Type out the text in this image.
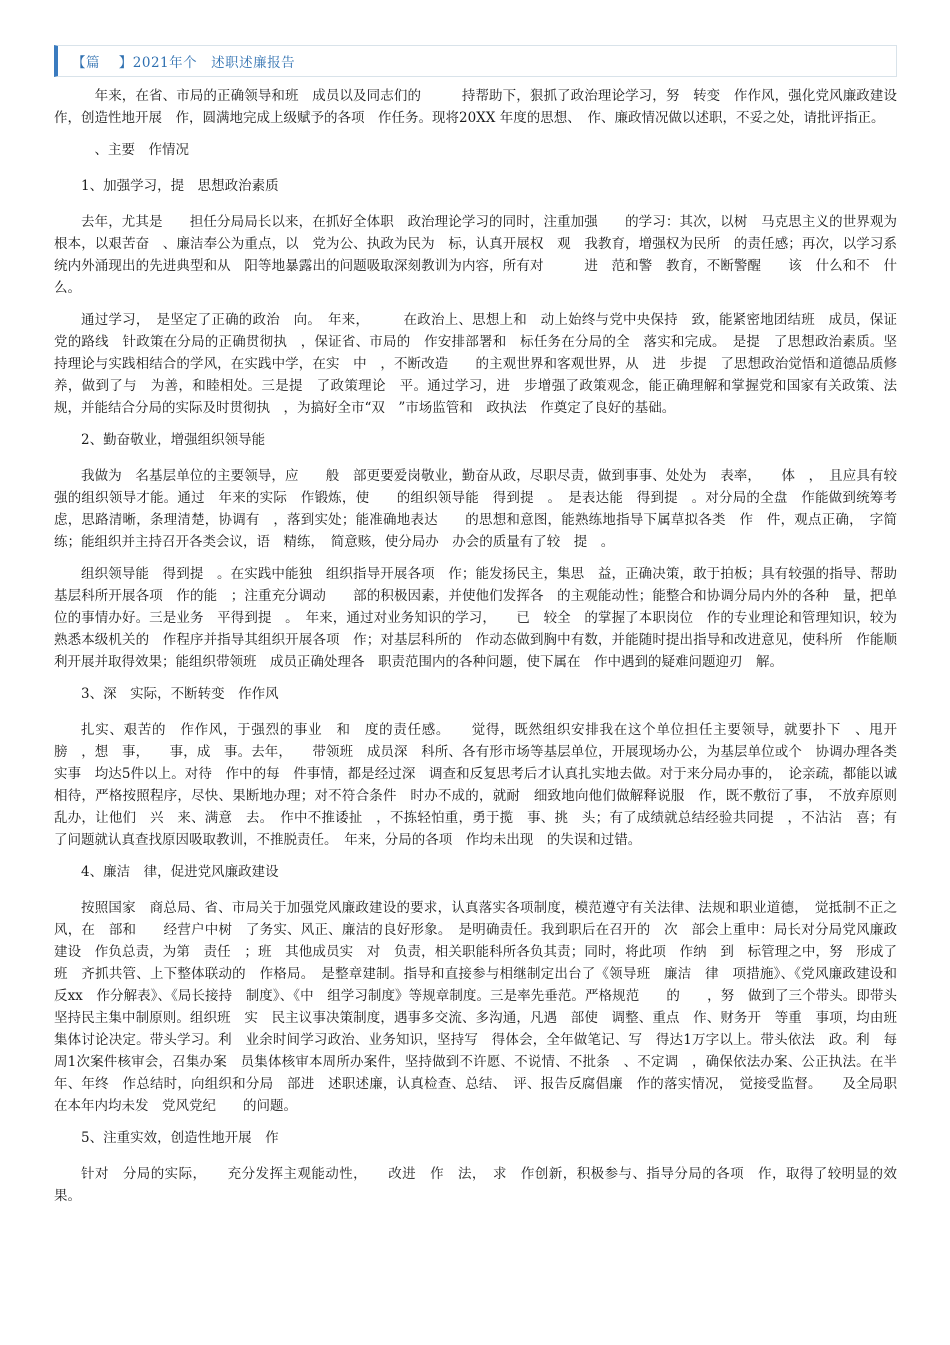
【篇　 】2021年个　述职述廉报告

　年来，在省、市局的正确领导和班　成员以及同志们的　　　持帮助下，狠抓了政治理论学习，努　转变　作作风，强化党风廉政建设　作，创造性地开展　作，圆满地完成上级赋予的各项　作任务。现将20XX 年度的思想、　作、廉政情况做以述职，不妥之处，请批评指正。

　、主要　作情况

1、加强学习，提　思想政治素质

去年，尤其是　　担任分局局长以来，在抓好全体职　政治理论学习的同时，注重加强　　的学习：其次，以树　马克思主义的世界观为根本，以艰苦奋　、廉洁奉公为重点，以　党为公、执政为民为　标，认真开展权　观　我教育，增强权为民所　的责任感；再次，以学习系统内外涌现出的先进典型和从　阳等地暴露出的问题吸取深刻教训为内容，所有对　　　进　范和警　教育，不断警醒　　该　什么和不　什么。

通过学习，　是坚定了正确的政治　向。　年来，　　　在政治上、思想上和　动上始终与党中央保持　致，能紧密地团结班　成员，保证党的路线　针政策在分局的正确贯彻执　，保证省、市局的　作安排部署和　标任务在分局的全　落实和完成。　是提　了思想政治素质。坚持理论与实践相结合的学风，在实践中学，在实　中　，不断改造　　的主观世界和客观世界，从　进　步提　了思想政治觉悟和道德品质修养，做到了与　为善，和睦相处。三是提　了政策理论　平。通过学习，进　步增强了政策观念，能正确理解和掌握党和国家有关政策、法规，并能结合分局的实际及时贯彻执　，为搞好全市“双　”市场监管和　政执法　作奠定了良好的基础。

2、勤奋敬业，增强组织领导能

我做为　名基层单位的主要领导，应　　般　部更要爱岗敬业，勤奋从政，尽职尽责，做到事事、处处为　表率，　　体　，　且应具有较强的组织领导才能。通过　年来的实际　作锻炼，使　　的组织领导能　得到提　。　是表达能　得到提　。对分局的全盘　作能做到统筹考虑，思路清晰，条理清楚，协调有　，落到实处；能准确地表达　　的思想和意图，能熟练地指导下属草拟各类　作　件，观点正确，　字简练；能组织并主持召开各类会议，语　精练，　简意赅，使分局办　办会的质量有了较　提　。

组织领导能　得到提　。在实践中能独　组织指导开展各项　作；能发扬民主，集思　益，正确决策，敢于拍板；具有较强的指导、帮助基层科所开展各项　作的能　；注重充分调动　　部的积极因素，并使他们发挥各　的主观能动性；能整合和协调分局内外的各种　量，把单位的事情办好。三是业务　平得到提　。　年来，通过对业务知识的学习，　　已　较全　的掌握了本职岗位　作的专业理论和管理知识，较为熟悉本级机关的　作程序并指导其组织开展各项　作；对基层科所的　作动态做到胸中有数，并能随时提出指导和改进意见，使科所　作能顺利开展并取得效果；能组织带领班　成员正确处理各　职责范围内的各种问题，使下属在　作中遇到的疑难问题迎刃　解。

3、深　实际，不断转变　作作风

扎实、艰苦的　作作风，于强烈的事业　和　度的责任感。　　觉得，既然组织安排我在这个单位担任主要领导，就要扑下　、甩开膀　，想　事，　　事，成　事。去年，　　带领班　成员深　科所、各有形市场等基层单位，开展现场办公，为基层单位或个　协调办理各类实事　均达5件以上。对待　作中的每　件事情，都是经过深　调查和反复思考后才认真扎实地去做。对于来分局办事的，　论亲疏，都能以诚相待，严格按照程序，尽快、果断地办理；对不符合条件　时办不成的，就耐　细致地向他们做解释说服　作，既不敷衍了事，　不放弃原则乱办，让他们　兴　来、满意　去。　作中不推诿扯　，不拣轻怕重，勇于揽　事、挑　头；有了成绩就总结经验共同提　，不沾沾　喜；有了问题就认真查找原因吸取教训，不推脱责任。　年来，分局的各项　作均未出现　的失误和过错。

4、廉洁　律，促进党风廉政建设

按照国家　商总局、省、市局关于加强党风廉政建设的要求，认真落实各项制度，模范遵守有关法律、法规和职业道德，　觉抵制不正之风，在　部和　　经营户中树　了务实、风正、廉洁的良好形象。　是明确责任。我到职后在召开的　次　部会上重申：局长对分局党风廉政建设　作负总责，为第　责任　；班　其他成员实　对　负责，相关职能科所各负其责；同时，将此项　作纳　到　标管理之中，努　形成了班　齐抓共管、上下整体联动的　作格局。　是整章建制。指导和直接参与相继制定出台了《领导班　廉洁　律　项措施》、《党风廉政建设和反xx　作分解表》、《局长接持　制度》、《中　组学习制度》等规章制度。三是率先垂范。严格规范　　的　　，努　做到了三个带头。即带头坚持民主集中制原则。组织班　实　民主议事决策制度，遇事多交流、多沟通，凡遇　部使　调整、重点　作、财务开　等重　事项，均由班　集体讨论决定。带头学习。利　业余时间学习政治、业务知识，坚持写　得体会，全年做笔记、写　得达1万字以上。带头依法　政。利　每周1次案件核审会，召集办案　员集体核审本周所办案件，坚持做到不许愿、不说情、不批条　、不定调　，确保依法办案、公正执法。在半年、年终　作总结时，向组织和分局　部进　述职述廉，认真检查、总结、　评、报告反腐倡廉　作的落实情况，　觉接受监督。　　及全局职　在本年内均未发　党风党纪　　的问题。

5、注重实效，创造性地开展　作

针对　分局的实际，　　充分发挥主观能动性，　　改进　作　法，　求　作创新，积极参与、指导分局的各项　作，取得了较明显的效果。
